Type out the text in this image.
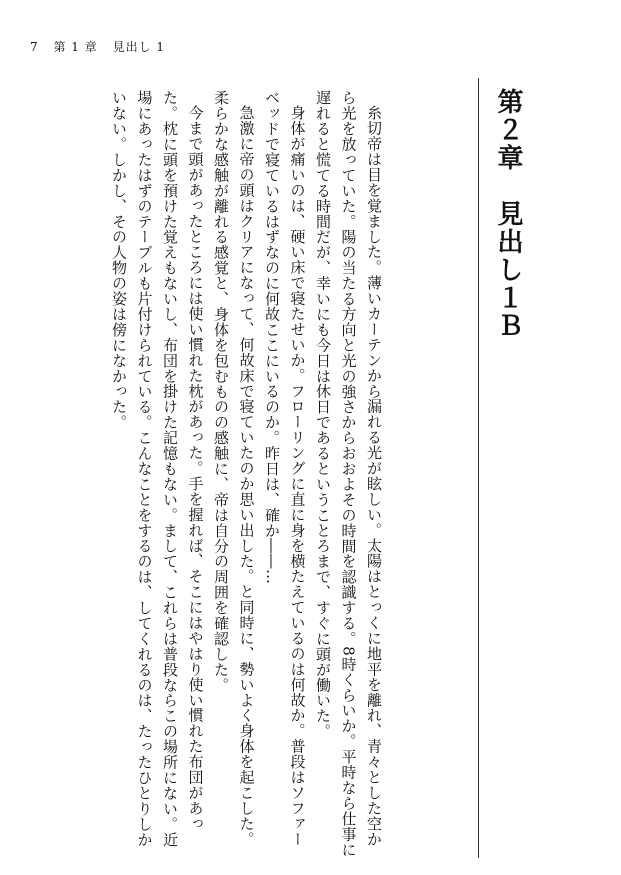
7 第 1 章 見出し 1
第２章　見出し１Ｂ

糸切帝は目を覚ました。薄いカーテンから漏れる光が眩しい。太陽はとっくに地平を離れ、青々とした空から光を放っていた。陽の当たる方向と光の強さからおおよその時間を認識する。8時くらいか。平時なら仕事に遅れると慌てる時間だが、幸いにも今日は休日であるということろまで、すぐに頭が働いた。

身体が痛いのは、硬い床で寝たせいか。フローリングに直に身を横たえているのは何故か。普段はソファーベッドで寝ているはずなのに何故ここにいるのか。昨日は、確か――…

急激に帝の頭はクリアになって、何故床で寝ていたのか思い出した。と同時に、勢いよく身体を起こした。柔らかな感触が離れる感覚と、身体を包むものの感触に、帝は自分の周囲を確認した。

今まで頭があったところには使い慣れた枕があった。手を握れば、そこにはやはり使い慣れた布団があった。枕に頭を預けた覚えもないし、布団を掛けた記憶もない。まして、これらは普段ならこの場所にない。近場にあったはずのテーブルも片付けられている。こんなことをするのは、してくれるのは、たったひとりしかいない。しかし、その人物の姿は傍になかった。
